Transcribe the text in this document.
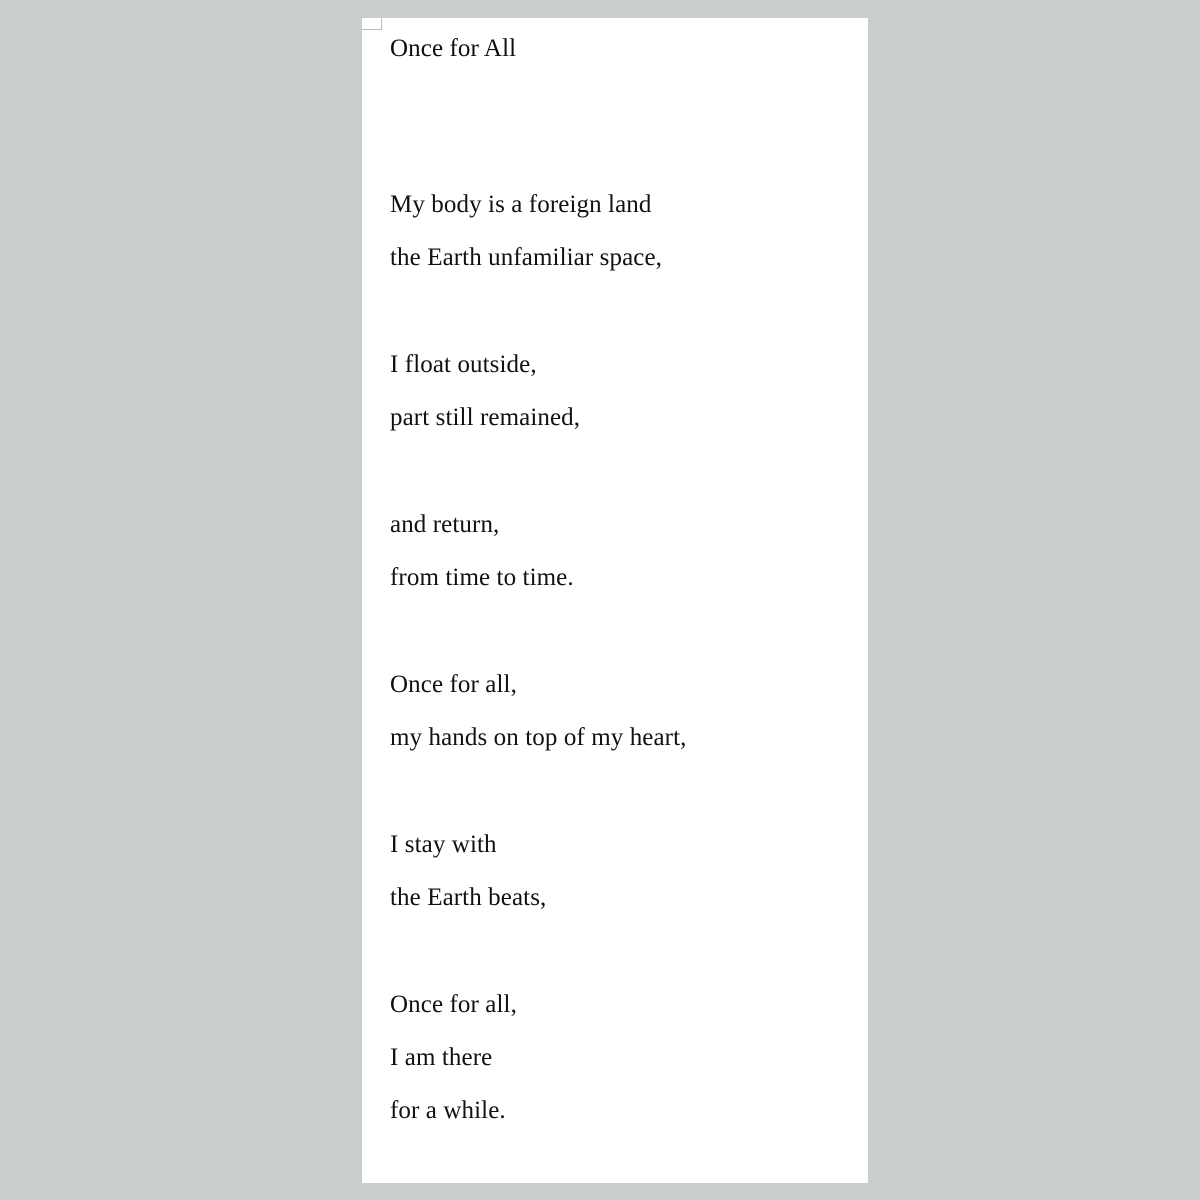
Once for All
My body is a foreign land
the Earth unfamiliar space,
I float outside,
part still remained,
and return,
from time to time.
Once for all,
my hands on top of my heart,
I stay with
the Earth beats,
Once for all,
I am there
for a while.
